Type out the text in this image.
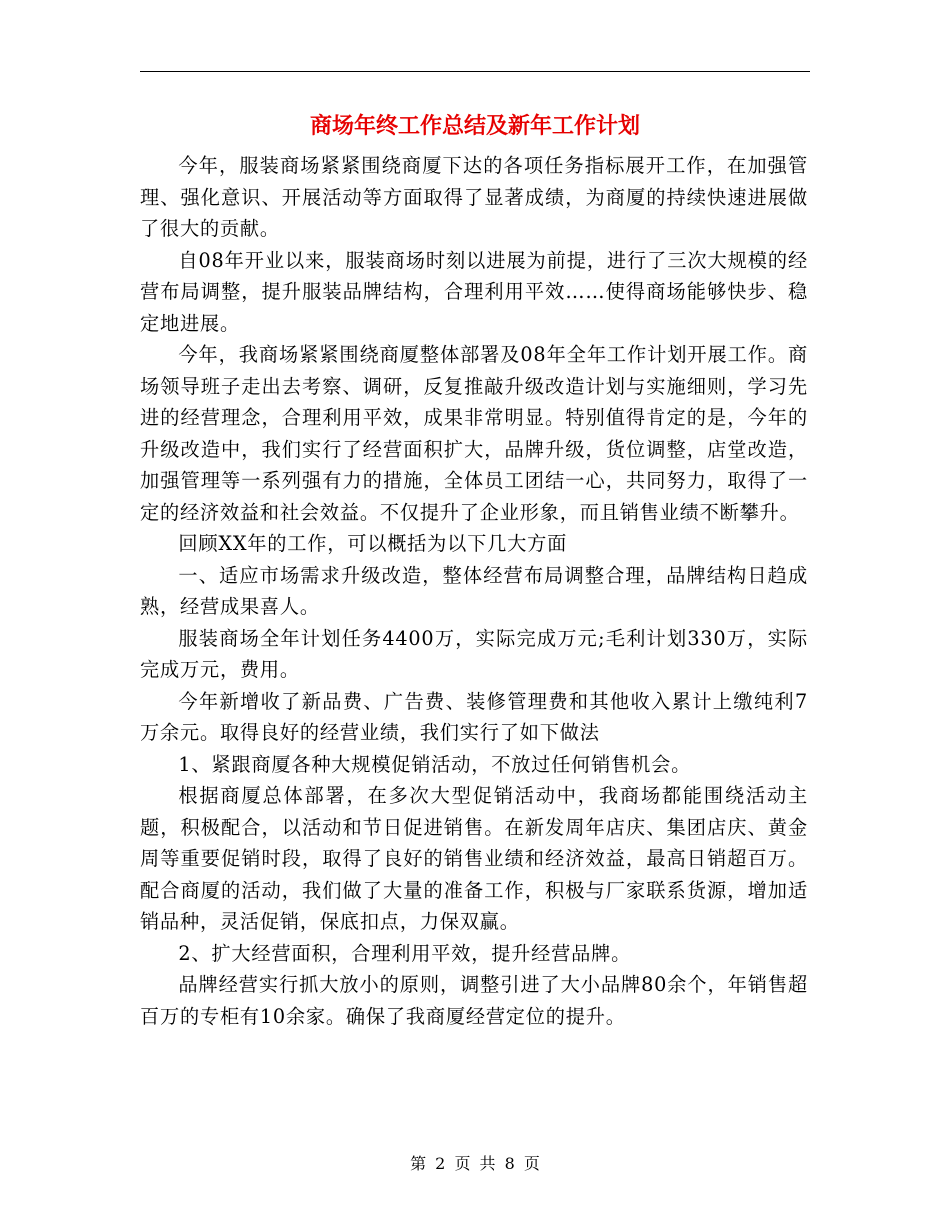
商场年终工作总结及新年工作计划

今年，服装商场紧紧围绕商厦下达的各项任务指标展开工作，在加强管理、强化意识、开展活动等方面取得了显著成绩，为商厦的持续快速进展做了很大的贡献。

自08年开业以来，服装商场时刻以进展为前提，进行了三次大规模的经营布局调整，提升服装品牌结构，合理利用平效……使得商场能够快步、稳定地进展。

今年，我商场紧紧围绕商厦整体部署及08年全年工作计划开展工作。商场领导班子走出去考察、调研，反复推敲升级改造计划与实施细则，学习先进的经营理念，合理利用平效，成果非常明显。特别值得肯定的是，今年的升级改造中，我们实行了经营面积扩大，品牌升级，货位调整，店堂改造，加强管理等一系列强有力的措施，全体员工团结一心，共同努力，取得了一定的经济效益和社会效益。不仅提升了企业形象，而且销售业绩不断攀升。

回顾XX年的工作，可以概括为以下几大方面

一、适应市场需求升级改造，整体经营布局调整合理，品牌结构日趋成熟，经营成果喜人。

服装商场全年计划任务4400万，实际完成万元;毛利计划330万，实际完成万元，费用。

今年新增收了新品费、广告费、装修管理费和其他收入累计上缴纯利7万余元。取得良好的经营业绩，我们实行了如下做法

1、紧跟商厦各种大规模促销活动，不放过任何销售机会。

根据商厦总体部署，在多次大型促销活动中，我商场都能围绕活动主题，积极配合，以活动和节日促进销售。在新发周年店庆、集团店庆、黄金周等重要促销时段，取得了良好的销售业绩和经济效益，最高日销超百万。配合商厦的活动，我们做了大量的准备工作，积极与厂家联系货源，增加适销品种，灵活促销，保底扣点，力保双赢。

2、扩大经营面积，合理利用平效，提升经营品牌。

品牌经营实行抓大放小的原则，调整引进了大小品牌80余个，年销售超百万的专柜有10余家。确保了我商厦经营定位的提升。

第 2 页 共 8 页
